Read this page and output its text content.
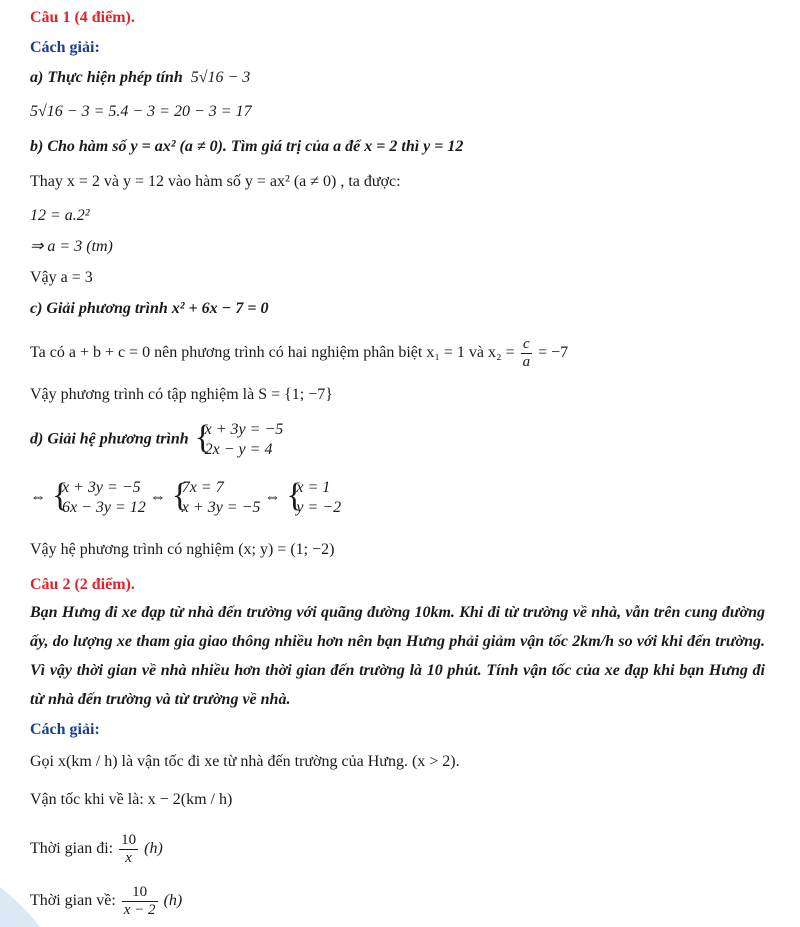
Câu 1 (4 điểm).
Cách giải:
a) Thực hiện phép tính 5√16 − 3
5√16 − 3 = 5.4 − 3 = 20 − 3 = 17
b) Cho hàm số y = ax² (a ≠ 0). Tìm giá trị của a để x = 2 thì y = 12
Thay x = 2 và y = 12 vào hàm số y = ax² (a ≠ 0) , ta được:
12 = a.2²
⇒ a = 3 (tm)
Vậy a = 3
c) Giải phương trình x² + 6x − 7 = 0
Ta có a + b + c = 0 nên phương trình có hai nghiệm phân biệt x₁ = 1 và $x_2 = \frac{c}{a} = -7$
Vậy phương trình có tập nghiệm là S = {1; −7}
d) Giải hệ phương trình {
x + 3y = −5
2x − y = 4
⇔ {
x + 3y = −5
6x − 3y = 12
⇔ {
7x = 7
x + 3y = −5
⇔ {
x = 1
y = −2
Vậy hệ phương trình có nghiệm (x; y) = (1; −2)
Câu 2 (2 điểm).
Bạn Hưng đi xe đạp từ nhà đến trường với quãng đường 10km. Khi đi từ trường về nhà, vẫn trên cung đường ấy, do lượng xe tham gia giao thông nhiều hơn nên bạn Hưng phải giảm vận tốc 2km/h so với khi đến trường. Vì vậy thời gian về nhà nhiều hơn thời gian đến trường là 10 phút. Tính vận tốc của xe đạp khi bạn Hưng đi từ nhà đến trường và từ trường về nhà.
Cách giải:
Gọi x(km / h) là vận tốc đi xe từ nhà đến trường của Hưng. (x > 2).
Vận tốc khi về là: x − 2(km / h)
Thời gian đi: $\frac{10}{x} (h)$
Thời gian về: $\frac{10}{x - 2} (h)$
